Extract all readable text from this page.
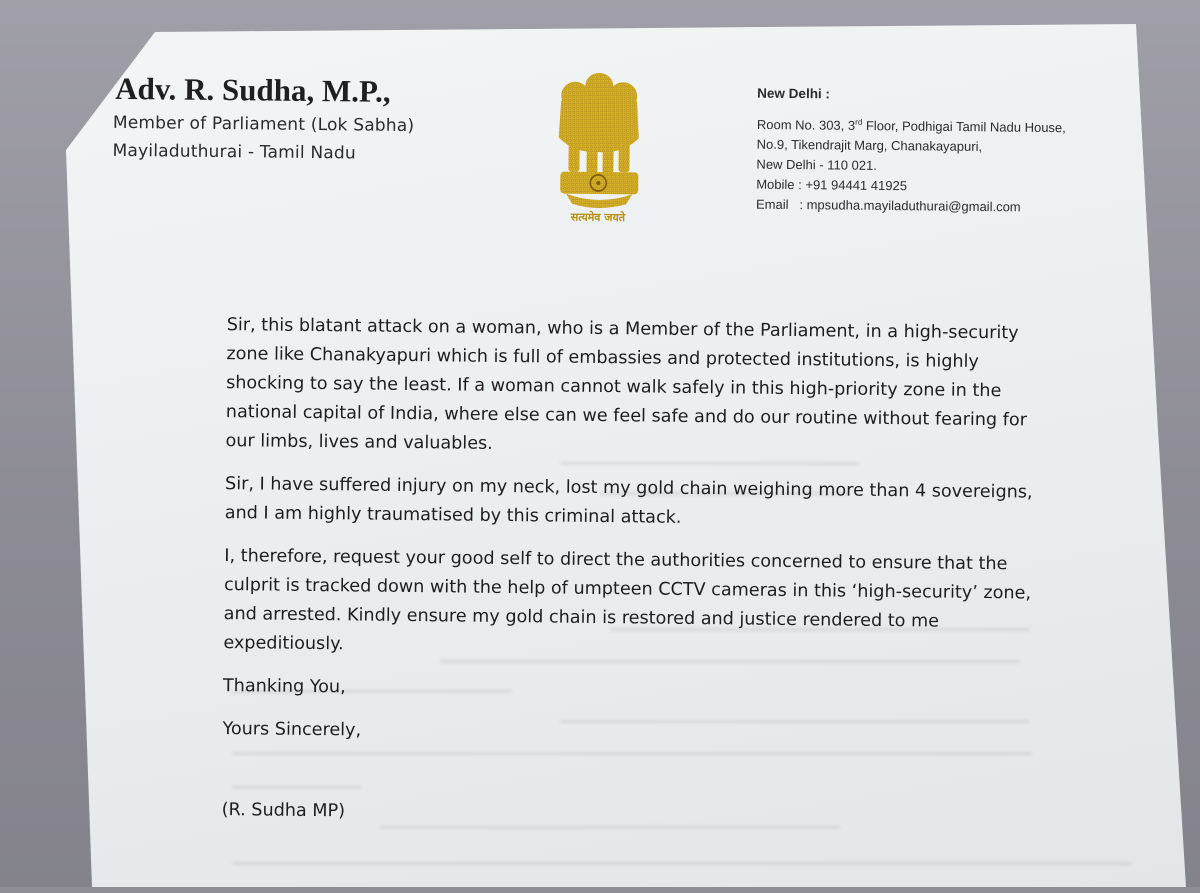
Adv. R. Sudha, M.P.,
Member of Parliament (Lok Sabha)
Mayiladuthurai - Tamil Nadu
सत्यमेव जयते
New Delhi :
Room No. 303, 3rd Floor, Podhigai Tamil Nadu House,
No.9, Tikendrajit Marg, Chanakayapuri,
New Delhi - 110 021.
Mobile : +91 94441 41925
Email   : mpsudha.mayiladuthurai@gmail.com

Sir, this blatant attack on a woman, who is a Member of the Parliament, in a high-security zone like Chanakyapuri which is full of embassies and protected institutions, is highly shocking to say the least. If a woman cannot walk safely in this high-priority zone in the national capital of India, where else can we feel safe and do our routine without fearing for our limbs, lives and valuables.

Sir, I have suffered injury on my neck, lost my gold chain weighing more than 4 sovereigns, and I am highly traumatised by this criminal attack.

I, therefore, request your good self to direct the authorities concerned to ensure that the culprit is tracked down with the help of umpteen CCTV cameras in this ‘high-security’ zone, and arrested. Kindly ensure my gold chain is restored and justice rendered to me expeditiously.

Thanking You,

Yours Sincerely,

(R. Sudha MP)
